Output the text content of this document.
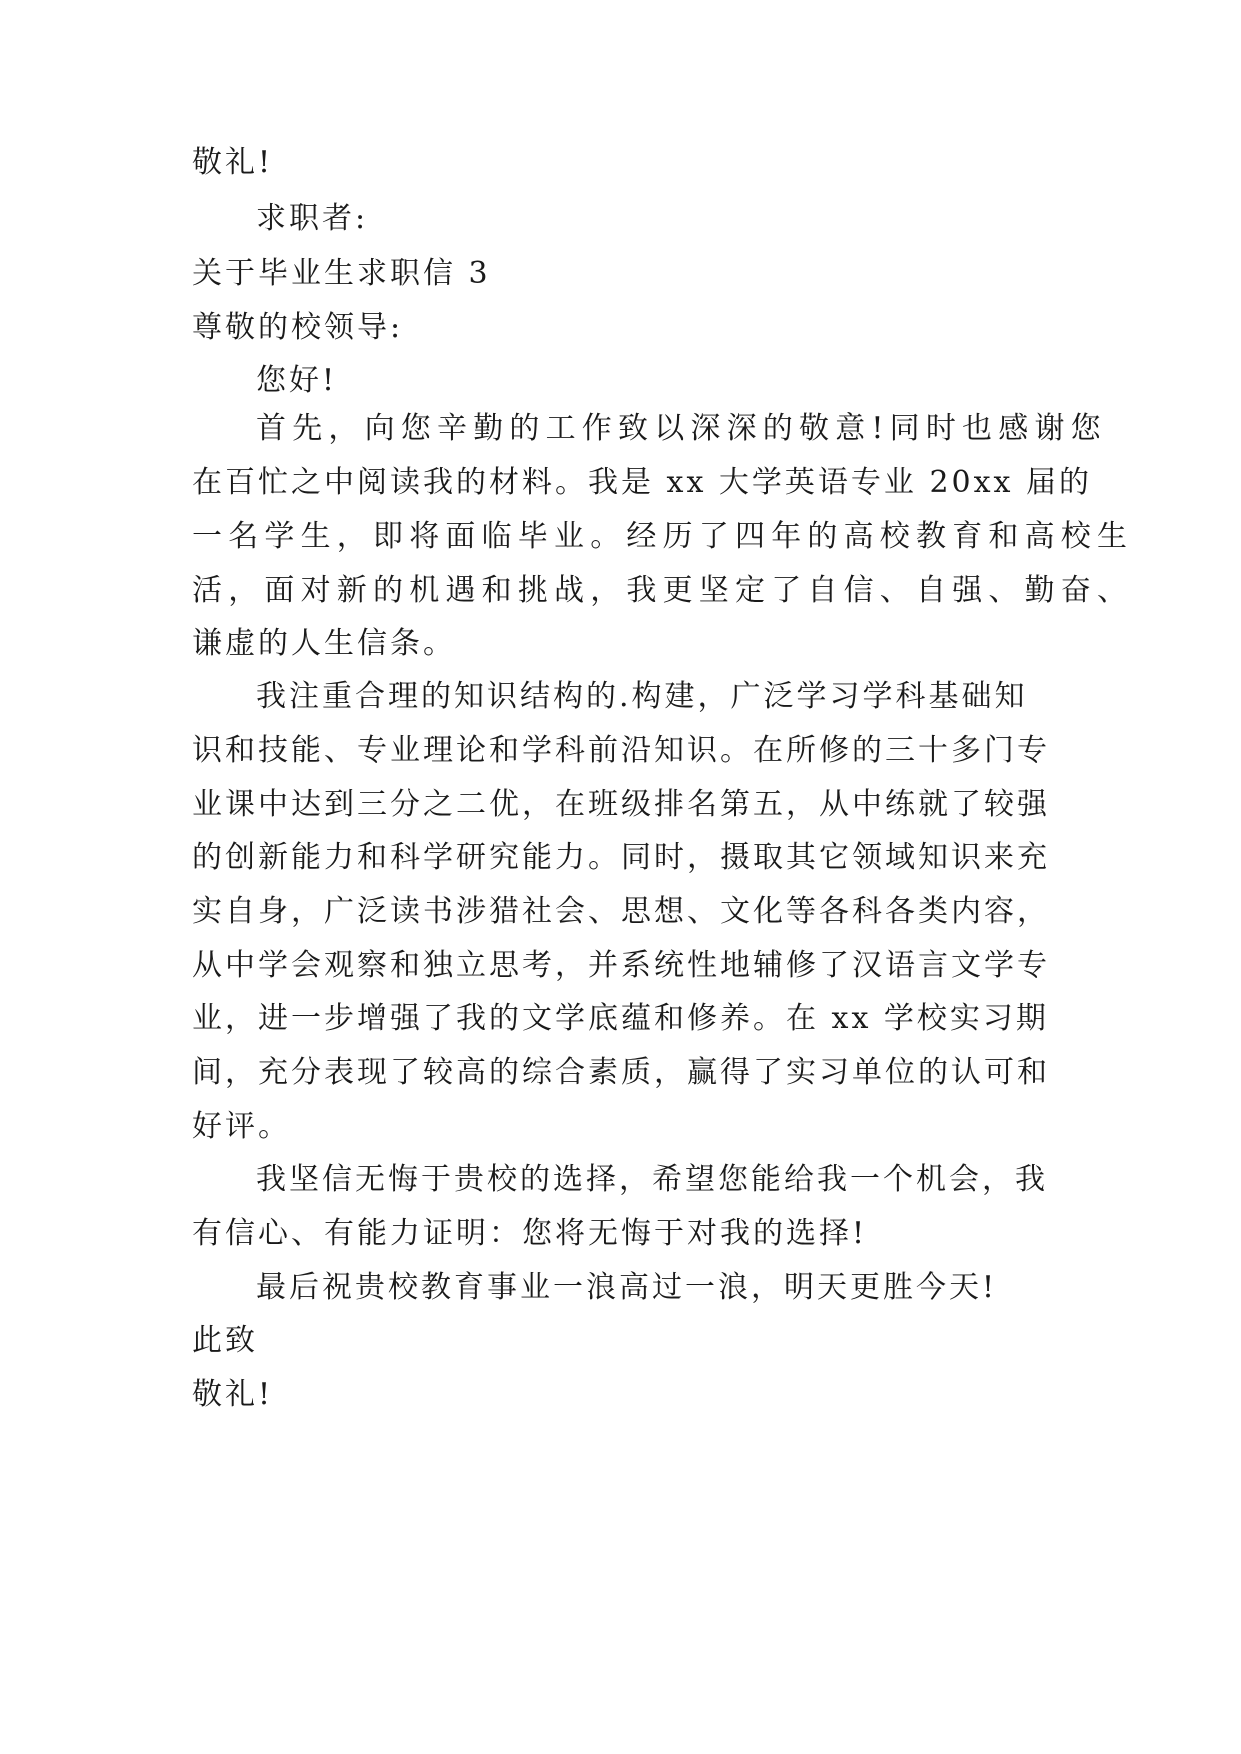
敬礼!
求职者:
关于毕业生求职信 3
尊敬的校领导:
您好!
首先，向您辛勤的工作致以深深的敬意!同时也感谢您
在百忙之中阅读我的材料。我是 xx 大学英语专业 20xx 届的
一名学生，即将面临毕业。经历了四年的高校教育和高校生
活，面对新的机遇和挑战，我更坚定了自信、自强、勤奋、
谦虚的人生信条。
我注重合理的知识结构的.构建，广泛学习学科基础知
识和技能、专业理论和学科前沿知识。在所修的三十多门专
业课中达到三分之二优，在班级排名第五，从中练就了较强
的创新能力和科学研究能力。同时，摄取其它领域知识来充
实自身，广泛读书涉猎社会、思想、文化等各科各类内容，
从中学会观察和独立思考，并系统性地辅修了汉语言文学专
业，进一步增强了我的文学底蕴和修养。在 xx 学校实习期
间，充分表现了较高的综合素质，赢得了实习单位的认可和
好评。
我坚信无悔于贵校的选择，希望您能给我一个机会，我
有信心、有能力证明：您将无悔于对我的选择!
最后祝贵校教育事业一浪高过一浪，明天更胜今天!
此致
敬礼!
